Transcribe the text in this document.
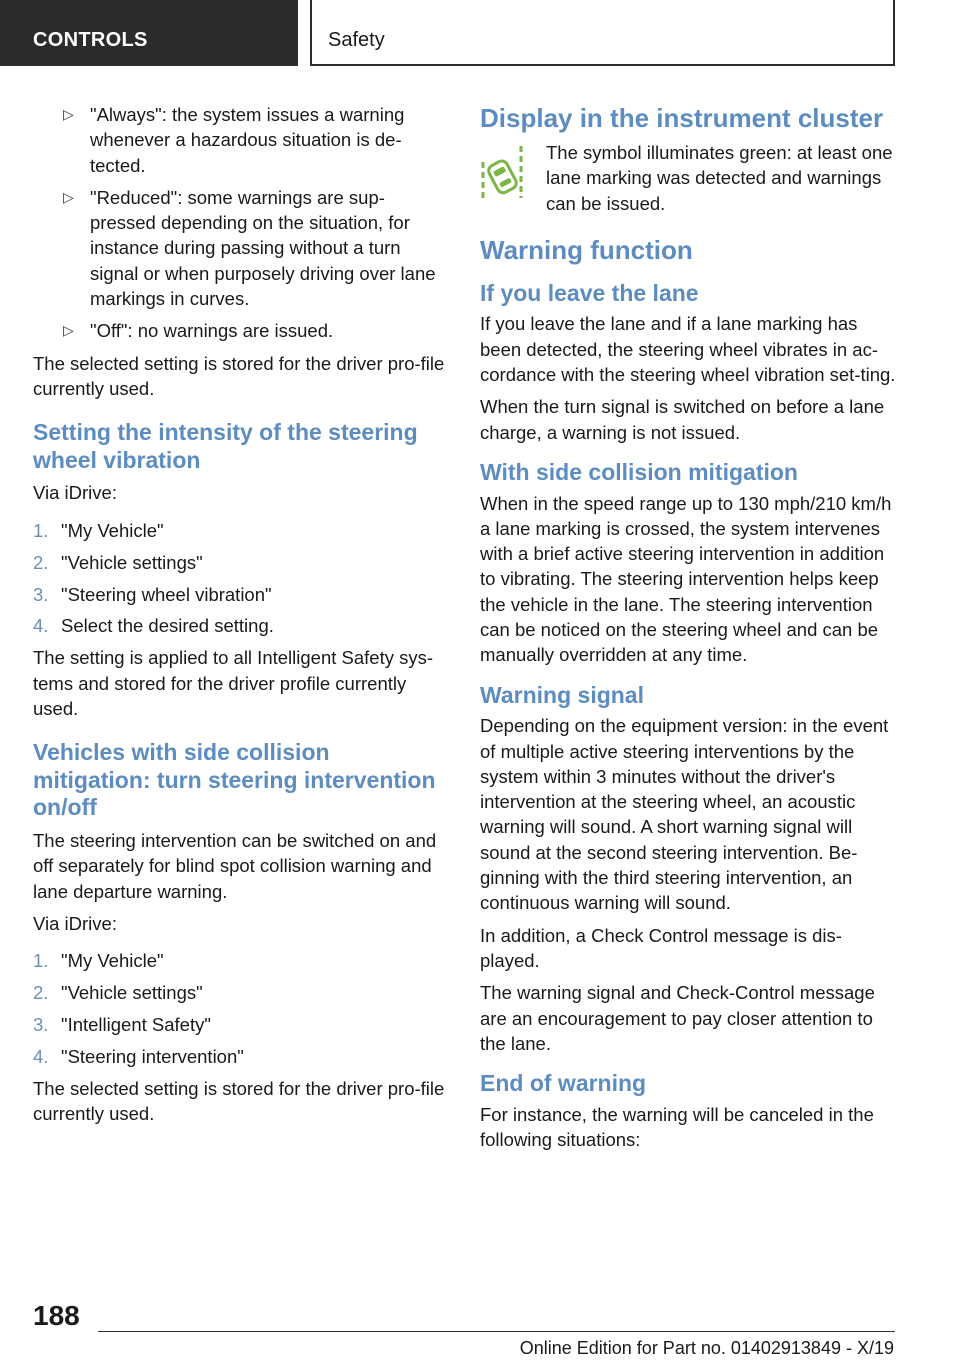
CONTROLS	Safety
▷ "Always": the system issues a warning whenever a hazardous situation is de-tected.
▷ "Reduced": some warnings are sup-pressed depending on the situation, for instance during passing without a turn signal or when purposely driving over lane markings in curves.
▷ "Off": no warnings are issued.
The selected setting is stored for the driver pro-file currently used.
Setting the intensity of the steering wheel vibration
Via iDrive:
1. "My Vehicle"
2. "Vehicle settings"
3. "Steering wheel vibration"
4. Select the desired setting.
The setting is applied to all Intelligent Safety sys-tems and stored for the driver profile currently used.
Vehicles with side collision mitigation: turn steering intervention on/off
The steering intervention can be switched on and off separately for blind spot collision warning and lane departure warning.
Via iDrive:
1. "My Vehicle"
2. "Vehicle settings"
3. "Intelligent Safety"
4. "Steering intervention"
The selected setting is stored for the driver pro-file currently used.
Display in the instrument cluster
The symbol illuminates green: at least one lane marking was detected and warnings can be issued.
Warning function
If you leave the lane
If you leave the lane and if a lane marking has been detected, the steering wheel vibrates in ac-cordance with the steering wheel vibration set-ting.
When the turn signal is switched on before a lane charge, a warning is not issued.
With side collision mitigation
When in the speed range up to 130 mph/210 km/h a lane marking is crossed, the system intervenes with a brief active steering intervention in addition to vibrating. The steering intervention helps keep the vehicle in the lane. The steering intervention can be noticed on the steering wheel and can be manually overridden at any time.
Warning signal
Depending on the equipment version: in the event of multiple active steering interventions by the system within 3 minutes without the driver's intervention at the steering wheel, an acoustic warning will sound. A short warning signal will sound at the second steering intervention. Be-ginning with the third steering intervention, an continuous warning will sound.
In addition, a Check Control message is dis-played.
The warning signal and Check-Control message are an encouragement to pay closer attention to the lane.
End of warning
For instance, the warning will be canceled in the following situations:
188
Online Edition for Part no. 01402913849 - X/19
